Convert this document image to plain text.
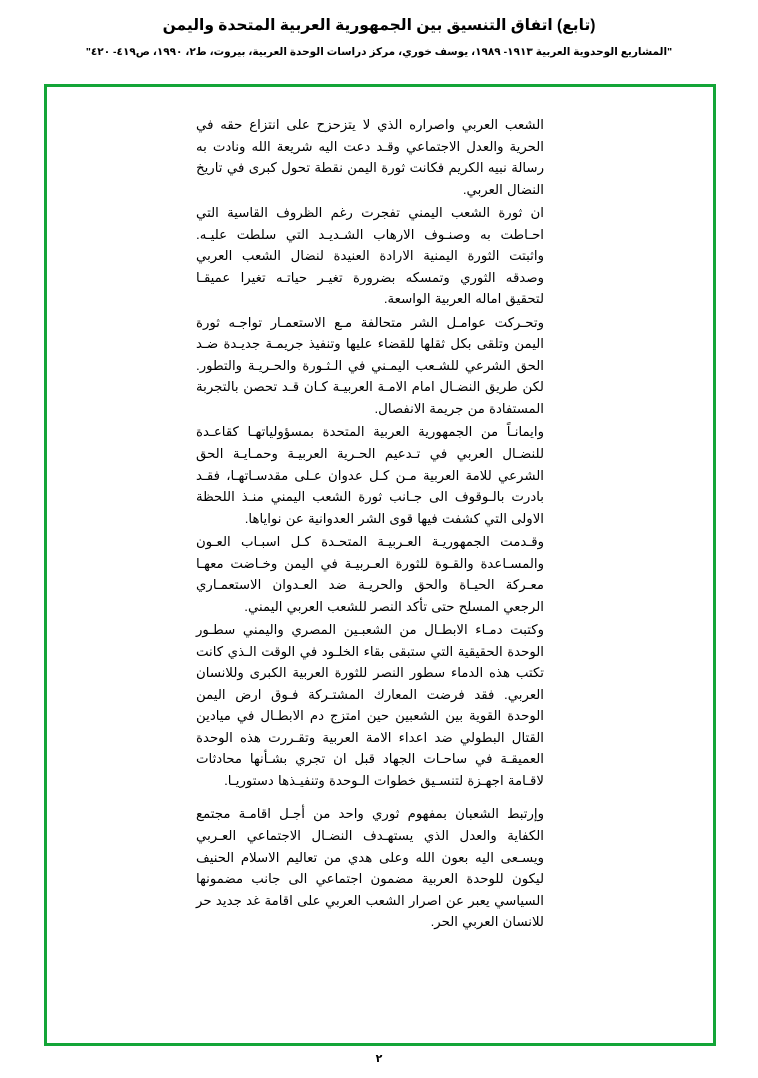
(تابع) اتفاق التنسيق بين الجمهورية العربية المتحدة واليمن
"المشاريع الوحدوية العربية ١٩١٣- ١٩٨٩، يوسف خوري، مركز دراسات الوحدة العربية، بيروت، ط٢، ١٩٩٠، ص٤١٩- ٤٢٠"

الشعب العربي واصراره الذي لا يتزحزح على انتزاع حقه في الحرية والعدل الاجتماعي وقـد دعت اليه شريعة الله ونادت به رسالة نبيه الكريم فكانت ثورة اليمن نقطة تحول كبرى في تاريخ النضال العربي.

ان ثورة الشعب اليمني تفجرت رغم الظروف القاسية التي احـاطت به وصنـوف الارهاب الشـديـد التي سلطت عليـه. واثبتت الثورة اليمنية الارادة العنيدة لنضال الشعب العربي وصدقه الثوري وتمسكه بضرورة تغيـر حياتـه تغيرا عميقـا لتحقيق اماله العربية الواسعة.

وتحـركت عوامـل الشر متحالفة مـع الاستعمـار تواجـه ثورة اليمن وتلقى بكل ثقلها للقضاء عليها وتنفيذ جريمـة جديـدة ضـد الحق الشرعي للشـعب اليمـني في الـثـورة والحـريـة والتطور. لكن طريق النضـال امام الامـة العربيـة كـان قـد تحصن بالتجربة المستفادة من جريمة الانفصال.

وايمانـاً من الجمهورية العربية المتحدة بمسؤولياتهـا كقاعـدة للنضـال العربي في تـدعيم الحـرية العربيـة وحمـايـة الحق الشرعي للامة العربية مـن كـل عدوان عـلى مقدسـاتهـا، فقـد بادرت بالـوقوف الى جـانب ثورة الشعب اليمني منـذ اللحظة الاولى التي كشفت فيها قوى الشر العدوانية عن نواياها.

وقـدمت الجمهوريـة العـربيـة المتحـدة كـل اسبـاب العـون والمسـاعدة والقـوة للثورة العـربيـة في اليمن وخـاضت معهـا معـركة الحيـاة والحق والحريـة ضد العـدوان الاستعمـاري الرجعي المسلح حتى تأكد النصر للشعب العربي اليمني.

وكتبت دمـاء الابطـال من الشعبـين المصري واليمني سطـور الوحدة الحقيقية التي ستبقى بقاء الخلـود في الوقت الـذي كانت تكتب هذه الدماء سطور النصر للثورة العربية الكبرى وللانسان العربي. فقد فرضت المعارك المشتـركة فـوق ارض اليمن الوحدة القوية بين الشعبين حين امتزج دم الابطـال في ميادين القتال البطولي ضد اعداء الامة العربية وتقـررت هذه الوحدة العميقـة في ساحـات الجهاد قبل ان تجري بشـأنها محادثات لاقـامة اجهـزة لتنسـيق خطوات الـوحدة وتنفيـذها دستوريـا.

وإرتبط الشعبان بمفهوم ثوري واحد من أجـل اقامـة مجتمع الكفاية والعدل الذي يستهـدف النضـال الاجتماعي العـربي ويسـعى اليه بعون الله وعلى هدي من تعاليم الاسلام الحنيف ليكون للوحدة العربية مضمون اجتماعي الى جانب مضمونها السياسي يعبر عن اصرار الشعب العربي على اقامة غد جديد حر للانسان العربي الحر.

٢
